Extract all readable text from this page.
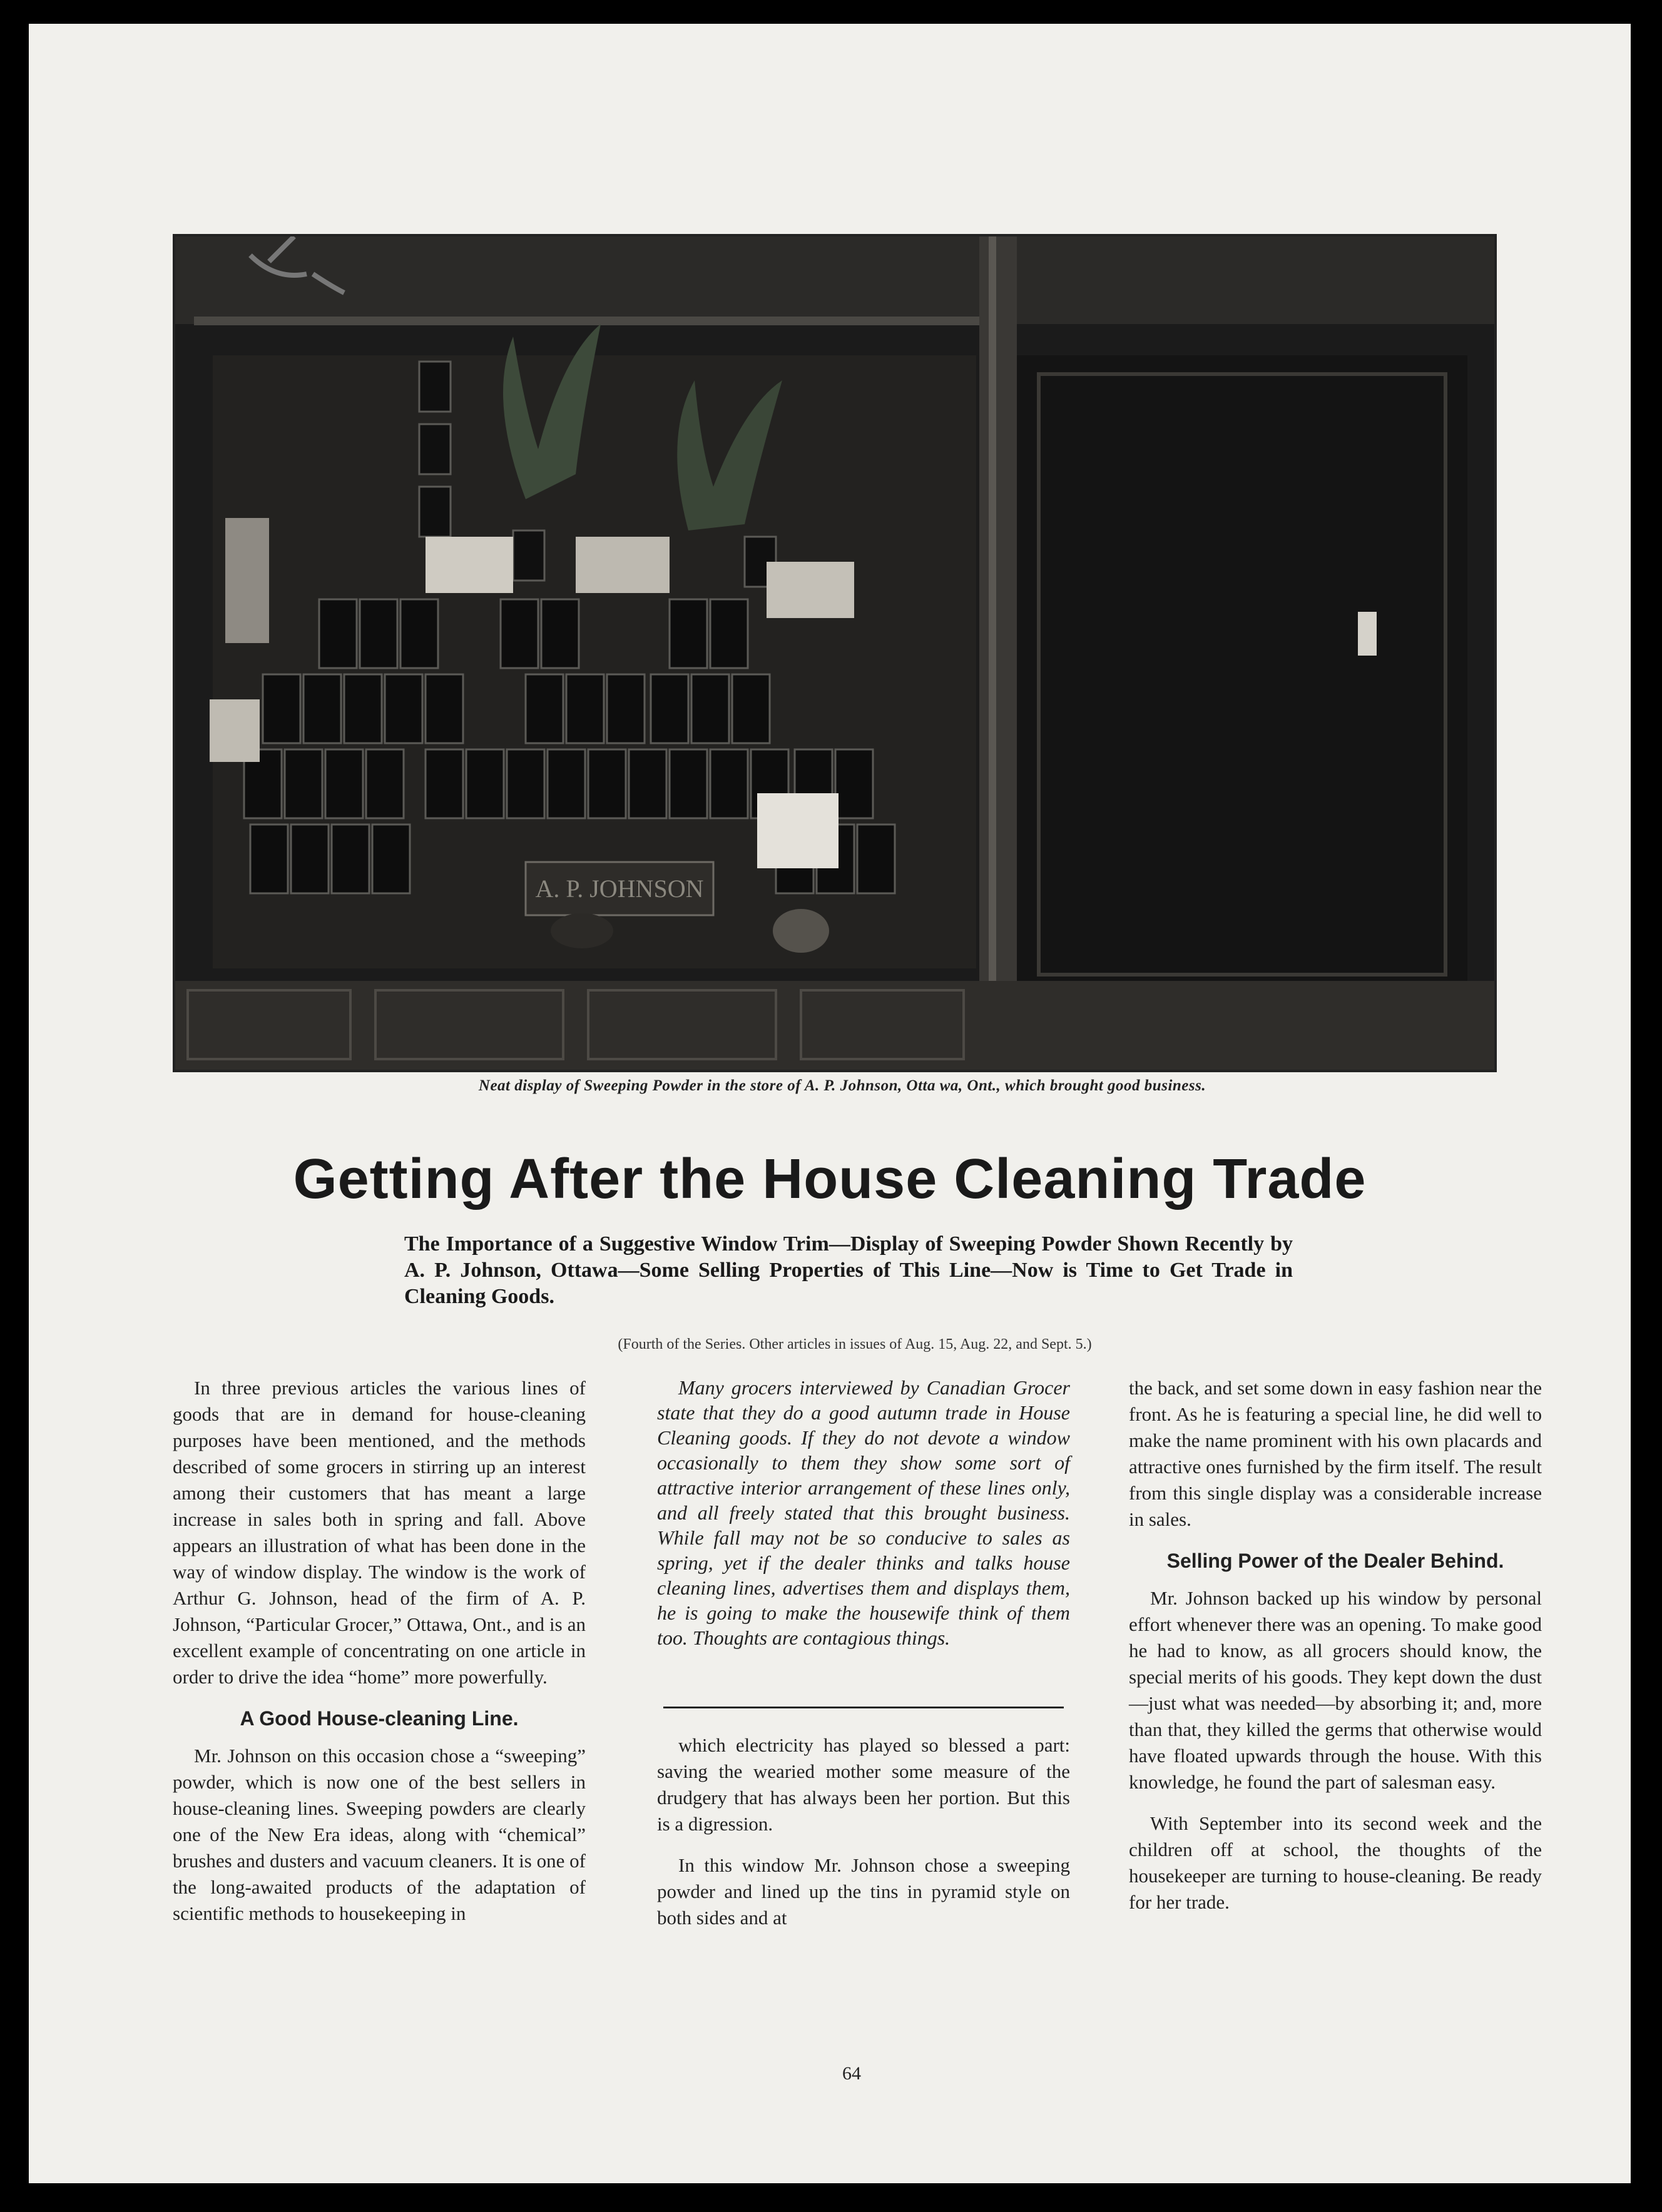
A. P. JOHNSON
Neat display of Sweeping Powder in the store of A. P. Johnson, Otta wa, Ont., which brought good business.
Getting After the House Cleaning Trade
The Importance of a Suggestive Window Trim—Display of Sweeping Powder Shown Recently by A. P. Johnson, Ottawa—Some Selling Properties of This Line—Now is Time to Get Trade in Cleaning Goods.
(Fourth of the Series. Other articles in issues of Aug. 15, Aug. 22, and Sept. 5.)

In three previous articles the various lines of goods that are in demand for house-cleaning purposes have been mentioned, and the methods described of some grocers in stirring up an interest among their customers that has meant a large increase in sales both in spring and fall. Above appears an illustration of what has been done in the way of window display. The window is the work of Arthur G. Johnson, head of the firm of A. P. Johnson, “Particular Grocer,” Ottawa, Ont., and is an excellent example of concentrating on one article in order to drive the idea “home” more powerfully.

A Good House-cleaning Line.

Mr. Johnson on this occasion chose a “sweeping” powder, which is now one of the best sellers in house-cleaning lines. Sweeping powders are clearly one of the New Era ideas, along with “chemical” brushes and dusters and vacuum cleaners. It is one of the long-awaited products of the adaptation of scientific methods to housekeeping in

Many grocers interviewed by Canadian Grocer state that they do a good autumn trade in House Cleaning goods. If they do not devote a window occasionally to them they show some sort of attractive interior arrangement of these lines only, and all freely stated that this brought business. While fall may not be so conducive to sales as spring, yet if the dealer thinks and talks house cleaning lines, advertises them and displays them, he is going to make the housewife think of them too. Thoughts are contagious things.

which electricity has played so blessed a part: saving the wearied mother some measure of the drudgery that has always been her portion. But this is a digression.

In this window Mr. Johnson chose a sweeping powder and lined up the tins in pyramid style on both sides and at

the back, and set some down in easy fashion near the front. As he is featuring a special line, he did well to make the name prominent with his own placards and attractive ones furnished by the firm itself. The result from this single display was a considerable increase in sales.

Selling Power of the Dealer Behind.

Mr. Johnson backed up his window by personal effort whenever there was an opening. To make good he had to know, as all grocers should know, the special merits of his goods. They kept down the dust—just what was needed—by absorbing it; and, more than that, they killed the germs that otherwise would have floated upwards through the house. With this knowledge, he found the part of salesman easy.

With September into its second week and the children off at school, the thoughts of the housekeeper are turning to house-cleaning. Be ready for her trade.

64
